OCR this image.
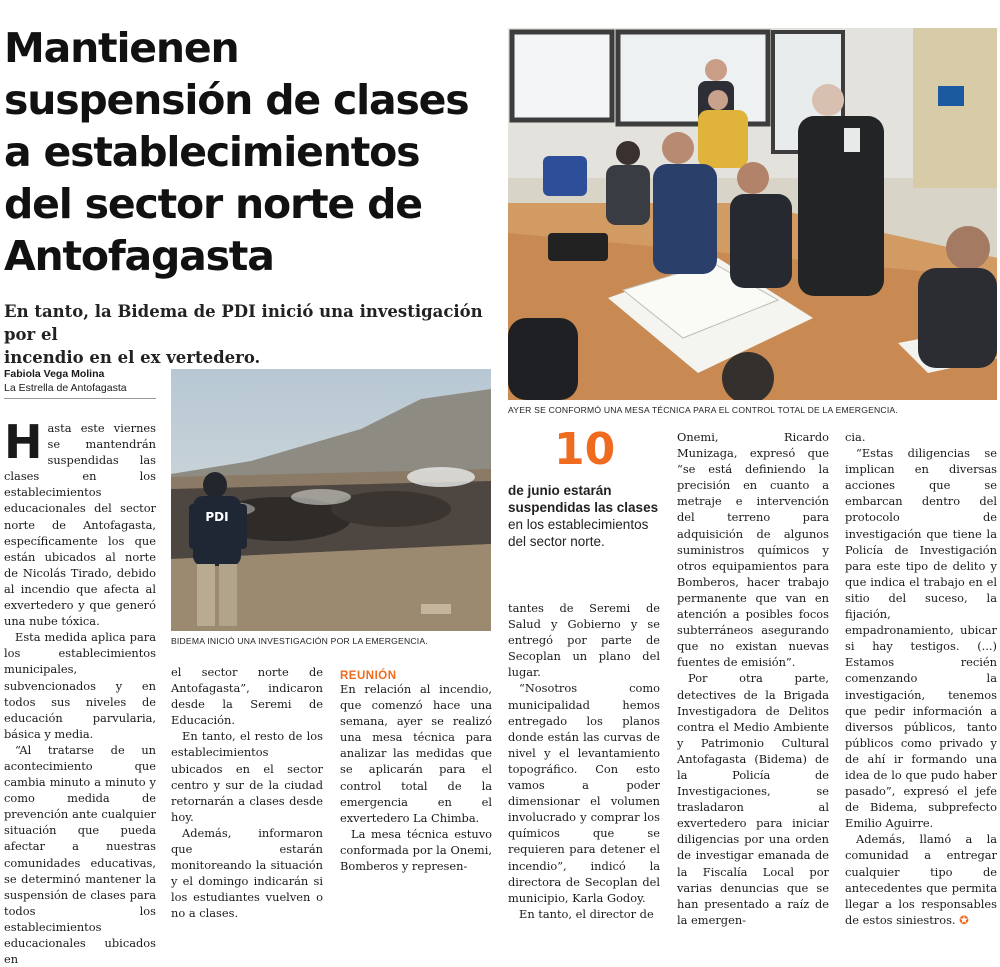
Mantienen
suspensión de clases
a establecimientos
del sector norte de
Antofagasta

En tanto, la Bidema de PDI inició una investigación por el
incendio en el ex vertedero.

Fabiola Vega Molina
La Estrella de Antofagasta
AYER SE CONFORMÓ UNA MESA TÉCNICA PARA EL CONTROL TOTAL DE LA EMERGENCIA.
PDI
BIDEMA INICIÓ UNA INVESTIGACIÓN POR LA EMERGENCIA.

Hasta este viernes se mantendrán suspendidas las clases en los establecimientos educacionales del sector norte de Antofagasta, específicamente los que están ubicados al norte de Nicolás Tirado, debido al incendio que afecta al exvertedero y que generó una nube tóxica.

Esta medida aplica para los establecimientos municipales, subvencionados y en todos sus niveles de educación parvularia, básica y media.

“Al tratarse de un acontecimiento que cambia minuto a minuto y como medida de prevención ante cualquier situación que pueda afectar a nuestras comunidades educativas, se determinó mantener la suspensión de clases para todos los establecimientos educacionales ubicados en

el sector norte de Antofagasta”, indicaron desde la Seremi de Educación.

En tanto, el resto de los establecimientos ubicados en el sector centro y sur de la ciudad retornarán a clases desde hoy.

Además, informaron que estarán monitoreando la situación y el domingo indicarán si los estudiantes vuelven o no a clases.

REUNIÓN

En relación al incendio, que comenzó hace una semana, ayer se realizó una mesa técnica para analizar las medidas que se aplicarán para el control total de la emergencia en el exvertedero La Chimba.

La mesa técnica estuvo conformada por la Onemi, Bomberos y represen-

10
de junio estarán suspendidas las clases en los establecimientos del sector norte.

tantes de Seremi de Salud y Gobierno y se entregó por parte de Secoplan un plano del lugar.

“Nosotros como municipalidad hemos entregado los planos donde están las curvas de nivel y el levantamiento topográfico. Con esto vamos a poder dimensionar el volumen involucrado y comprar los químicos que se requieren para detener el incendio”, indicó la directora de Secoplan del municipio, Karla Godoy.

En tanto, el director de

Onemi, Ricardo Munizaga, expresó que “se está definiendo la precisión en cuanto a metraje e intervención del terreno para adquisición de algunos suministros químicos y otros equipamientos para Bomberos, hacer trabajo permanente que van en atención a posibles focos subterráneos asegurando que no existan nuevas fuentes de emisión”.

Por otra parte, detectives de la Brigada Investigadora de Delitos contra el Medio Ambiente y Patrimonio Cultural Antofagasta (Bidema) de la Policía de Investigaciones, se trasladaron al exvertedero para iniciar diligencias por una orden de investigar emanada de la Fiscalía Local por varias denuncias que se han presentado a raíz de la emergen-

cia.

“Estas diligencias se implican en diversas acciones que se embarcan dentro del protocolo de investigación que tiene la Policía de Investigación para este tipo de delito y que indica el trabajo en el sitio del suceso, la fijación, empadronamiento, ubicar si hay testigos. (...) Estamos recién comenzando la investigación, tenemos que pedir información a diversos públicos, tanto públicos como privado y de ahí ir formando una idea de lo que pudo haber pasado”, expresó el jefe de Bidema, subprefecto Emilio Aguirre.

Además, llamó a la comunidad a entregar cualquier tipo de antecedentes que permita llegar a los responsables de estos siniestros. ✪
